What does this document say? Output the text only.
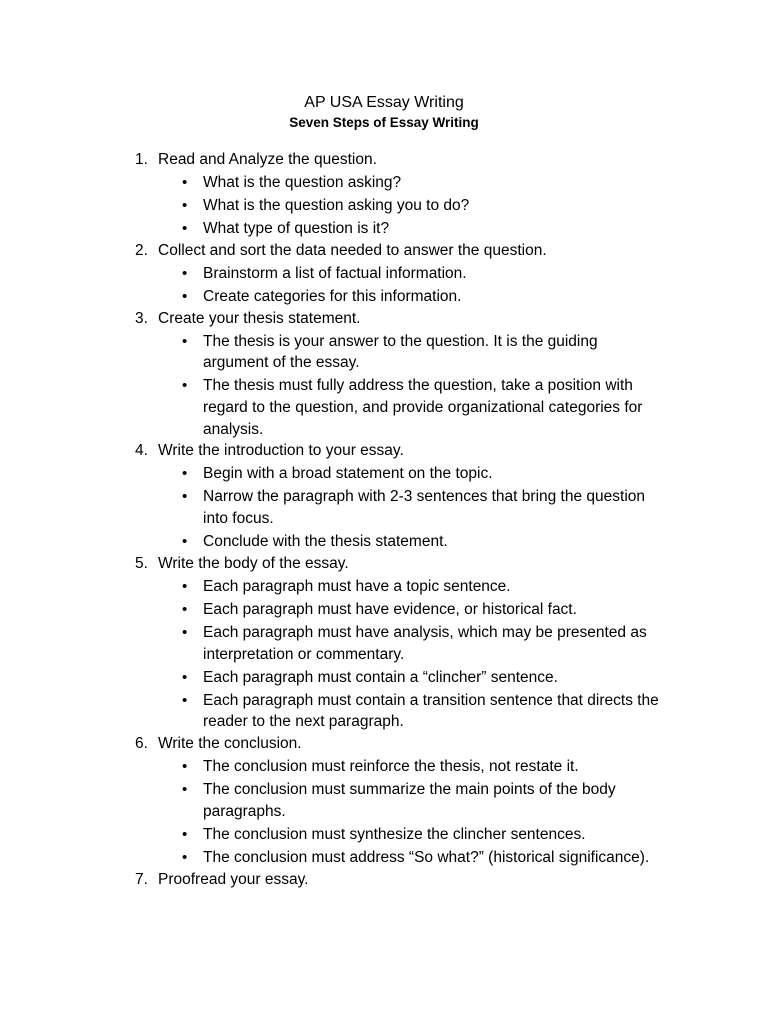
AP USA Essay Writing
Seven Steps of Essay Writing
1. Read and Analyze the question.
• What is the question asking?
• What is the question asking you to do?
• What type of question is it?
2. Collect and sort the data needed to answer the question.
• Brainstorm a list of factual information.
• Create categories for this information.
3. Create your thesis statement.
• The thesis is your answer to the question. It is the guiding argument of the essay.
• The thesis must fully address the question, take a position with regard to the question, and provide organizational categories for analysis.
4. Write the introduction to your essay.
• Begin with a broad statement on the topic.
• Narrow the paragraph with 2-3 sentences that bring the question into focus.
• Conclude with the thesis statement.
5. Write the body of the essay.
• Each paragraph must have a topic sentence.
• Each paragraph must have evidence, or historical fact.
• Each paragraph must have analysis, which may be presented as interpretation or commentary.
• Each paragraph must contain a “clincher” sentence.
• Each paragraph must contain a transition sentence that directs the reader to the next paragraph.
6. Write the conclusion.
• The conclusion must reinforce the thesis, not restate it.
• The conclusion must summarize the main points of the body paragraphs.
• The conclusion must synthesize the clincher sentences.
• The conclusion must address “So what?” (historical significance).
7. Proofread your essay.
